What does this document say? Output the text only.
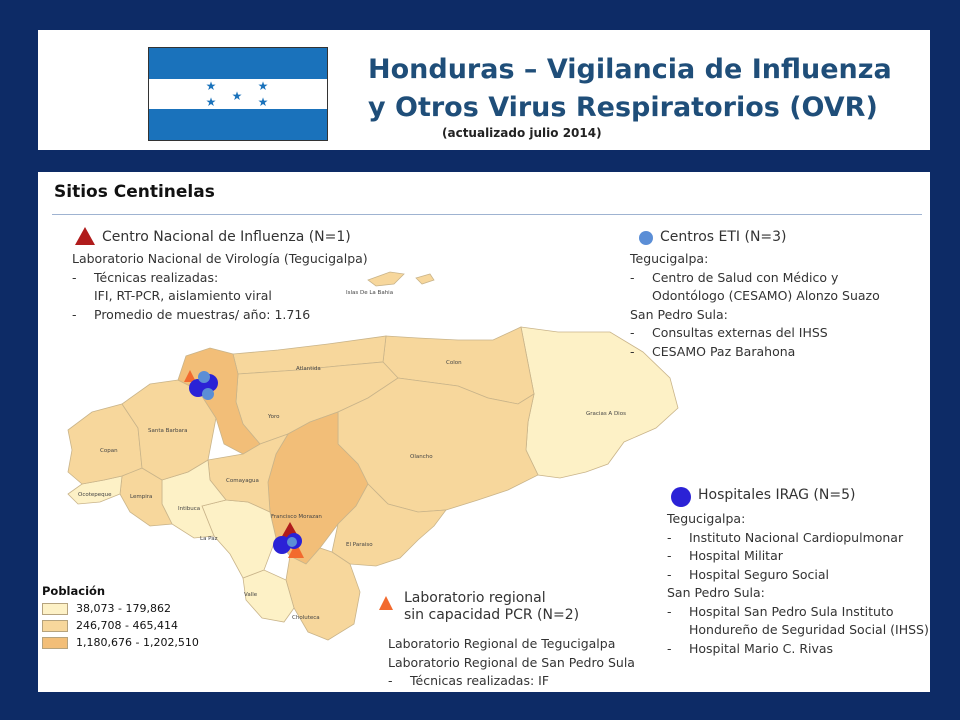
★	★
★
★	★
Honduras – Vigilancia de Influenza
y Otros Virus Respiratorios (OVR)
(actualizado julio 2014)
Islas De La Bahia
Atlantida
Colon
Gracias A Dios
Yoro
Santa Barbara
Copan
Ocotepeque	Lempira
Intibuca
Comayagua
Olancho
Francisco Morazan
La Paz
El Paraiso
Valle
Choluteca
Sitios Centinelas
Centro Nacional de Influenza (N=1)
Laboratorio Nacional de Virología (Tegucigalpa)
- Técnicas realizadas:
IFI, RT-PCR, aislamiento viral
- Promedio de muestras/ año: 1.716
Centros ETI (N=3)
Tegucigalpa:
- Centro de Salud con Médico y
Odontólogo (CESAMO) Alonzo Suazo
San Pedro Sula:
- Consultas externas del IHSS
- CESAMO Paz Barahona
Hospitales IRAG (N=5)
Tegucigalpa:
- Instituto Nacional Cardiopulmonar
- Hospital Militar
- Hospital Seguro Social
San Pedro Sula:
- Hospital San Pedro Sula Instituto
Hondureño de Seguridad Social (IHSS)
- Hospital Mario C. Rivas
Laboratorio regional
sin capacidad PCR (N=2)
Laboratorio Regional de Tegucigalpa
Laboratorio Regional de San Pedro Sula
- Técnicas realizadas: IF
Población
38,073 - 179,862
246,708 - 465,414
1,180,676 - 1,202,510
